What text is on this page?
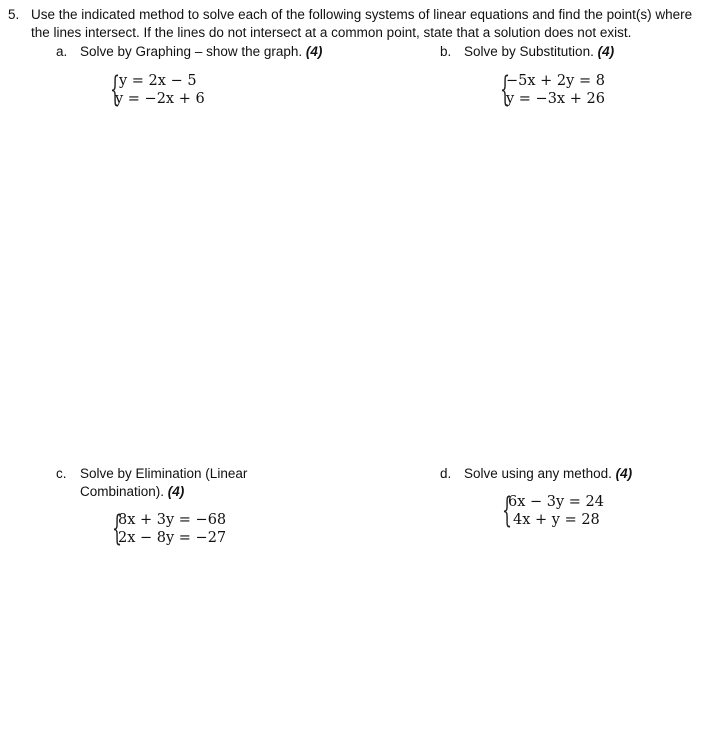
5. Use the indicated method to solve each of the following systems of linear equations and find the point(s) where
the lines intersect. If the lines do not intersect at a common point, state that a solution does not exist.
a. Solve by Graphing – show the graph. (4)
{
y = 2x − 5
y = −2x + 6
b. Solve by Substitution. (4)
{
−5x + 2y = 8
y = −3x + 26
c. Solve by Elimination (Linear
Combination). (4)
{
8x + 3y = −68
2x − 8y = −27
d. Solve using any method. (4)
{
6x − 3y = 24
4x + y = 28
